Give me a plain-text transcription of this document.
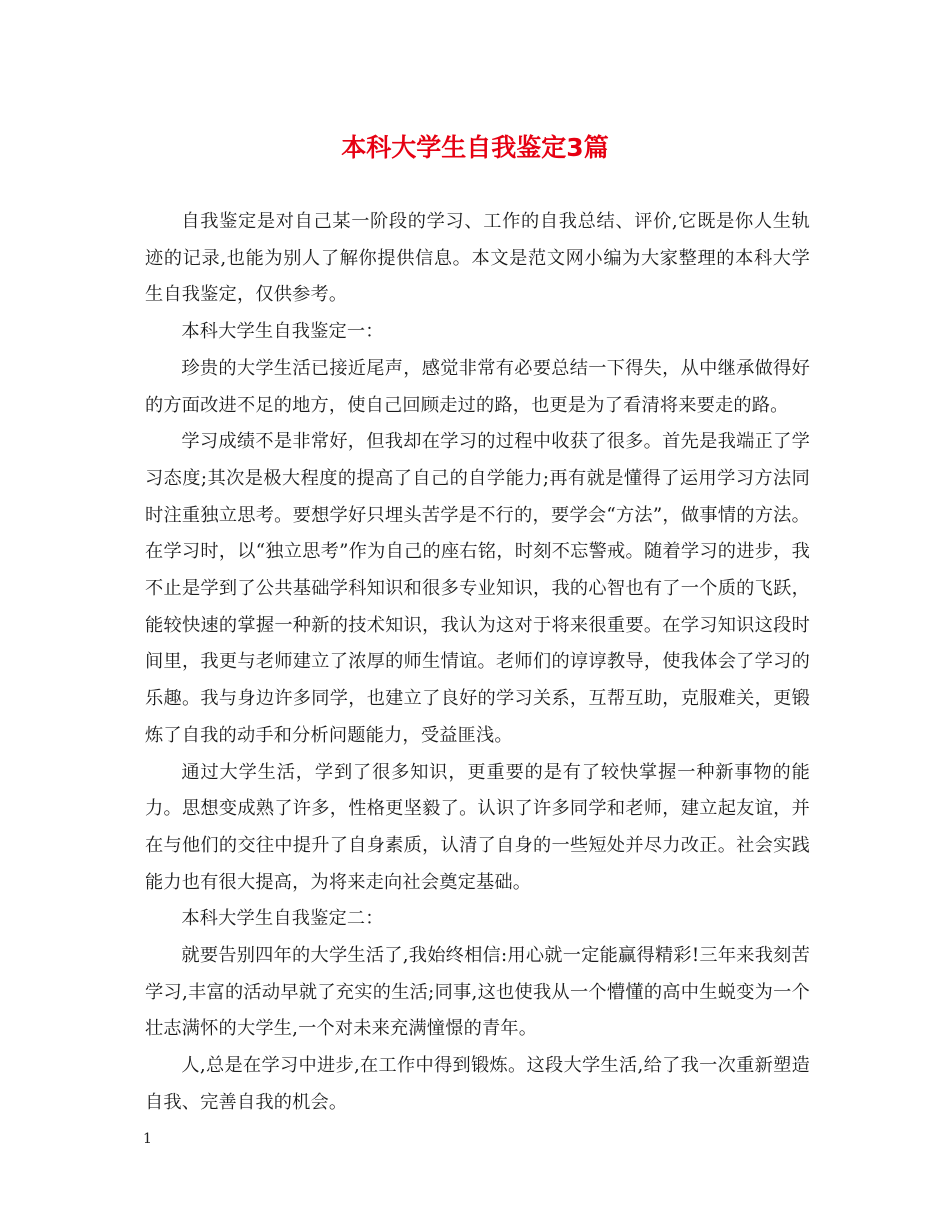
本科大学生自我鉴定3篇

自我鉴定是对自己某一阶段的学习、工作的自我总结、评价,它既是你人生轨迹的记录,也能为别人了解你提供信息。本文是范文网小编为大家整理的本科大学生自我鉴定，仅供参考。

本科大学生自我鉴定一：

珍贵的大学生活已接近尾声，感觉非常有必要总结一下得失，从中继承做得好的方面改进不足的地方，使自己回顾走过的路，也更是为了看清将来要走的路。

学习成绩不是非常好，但我却在学习的过程中收获了很多。首先是我端正了学习态度;其次是极大程度的提高了自己的自学能力;再有就是懂得了运用学习方法同时注重独立思考。要想学好只埋头苦学是不行的，要学会“方法”，做事情的方法。在学习时，以“独立思考”作为自己的座右铭，时刻不忘警戒。随着学习的进步，我不止是学到了公共基础学科知识和很多专业知识，我的心智也有了一个质的飞跃，能较快速的掌握一种新的技术知识，我认为这对于将来很重要。在学习知识这段时间里，我更与老师建立了浓厚的师生情谊。老师们的谆谆教导，使我体会了学习的乐趣。我与身边许多同学，也建立了良好的学习关系，互帮互助，克服难关，更锻炼了自我的动手和分析问题能力，受益匪浅。

通过大学生活，学到了很多知识，更重要的是有了较快掌握一种新事物的能力。思想变成熟了许多，性格更坚毅了。认识了许多同学和老师，建立起友谊，并在与他们的交往中提升了自身素质，认清了自身的一些短处并尽力改正。社会实践能力也有很大提高，为将来走向社会奠定基础。

本科大学生自我鉴定二：

就要告别四年的大学生活了,我始终相信:用心就一定能赢得精彩!三年来我刻苦学习,丰富的活动早就了充实的生活;同事,这也使我从一个懵懂的高中生蜕变为一个壮志满怀的大学生,一个对未来充满憧憬的青年。

人,总是在学习中进步,在工作中得到锻炼。这段大学生活,给了我一次重新塑造自我、完善自我的机会。

1
